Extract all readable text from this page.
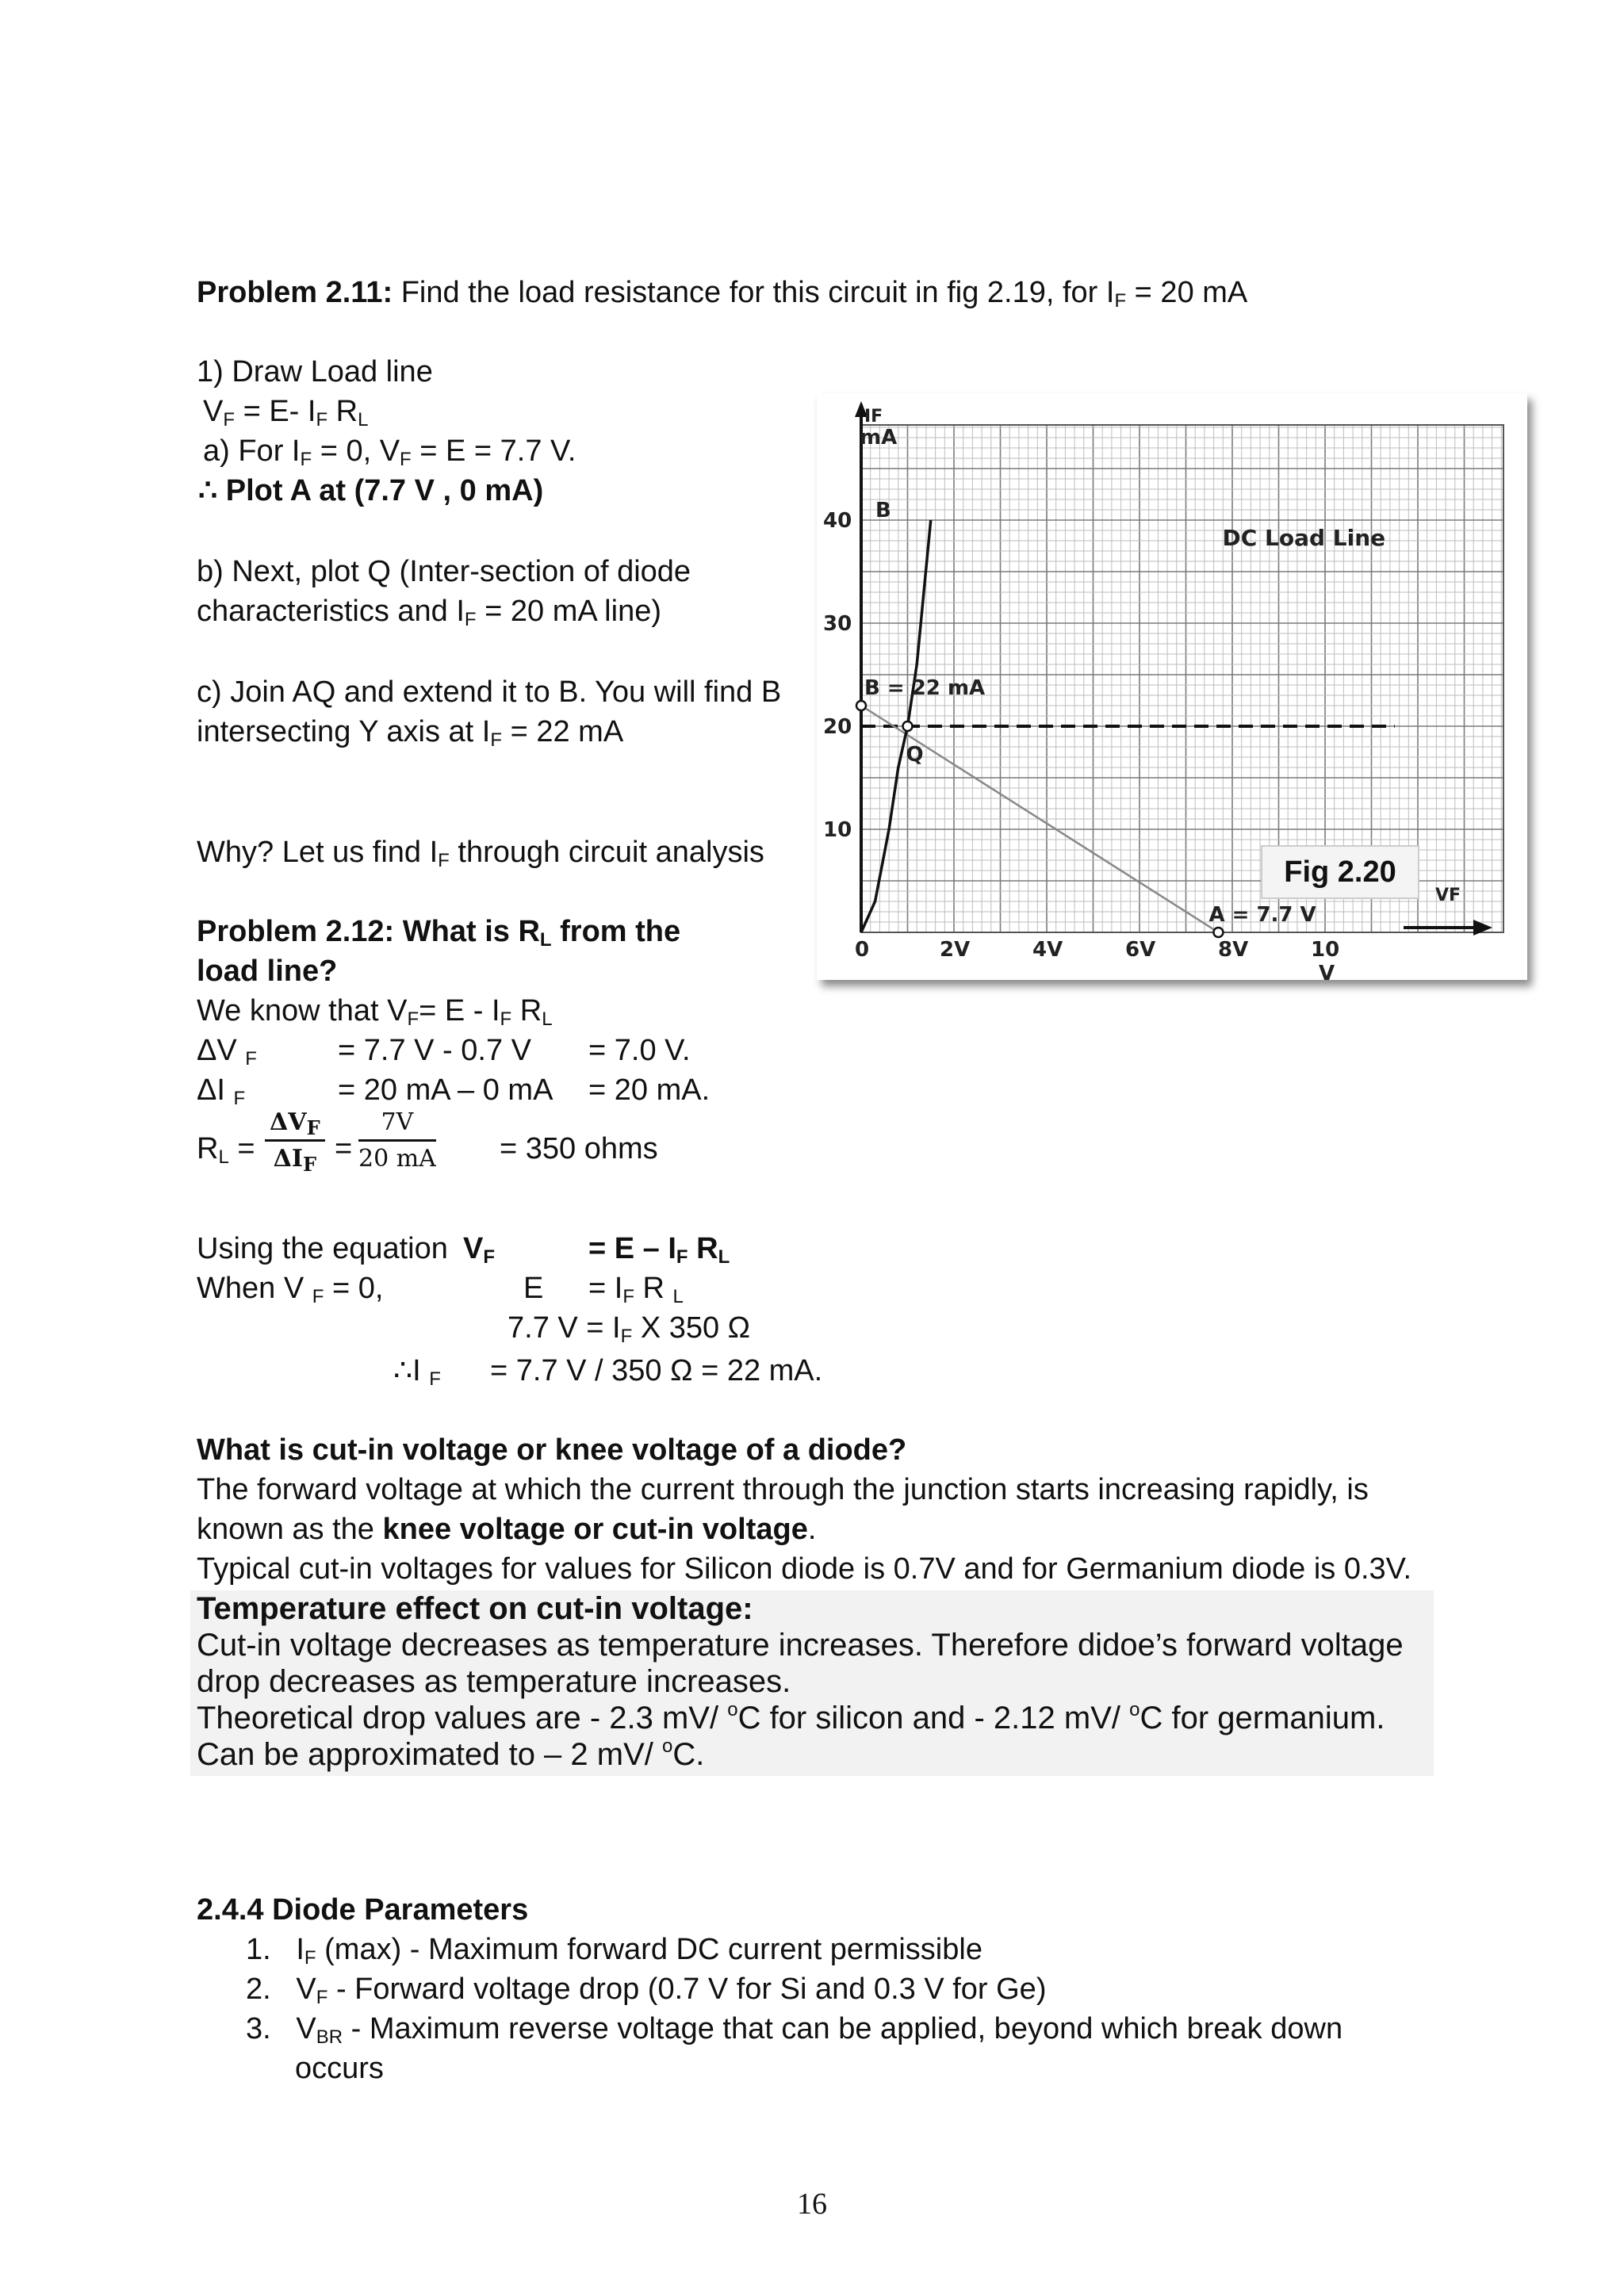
Problem 2.11: Find the load resistance for this circuit in fig 2.19, for $I_F = 20$ mA
1) Draw Load line
$V_F = E-$ $I_F$ $R_L$
a) For $I_F = 0$, $V_F = E = 7.7$ V.
∴ Plot A at (7.7 V , 0 mA)
b) Next, plot Q (Inter-section of diode
characteristics and $I_F = 20$ mA line)
c) Join AQ and extend it to B. You will find B
intersecting Y axis at $I_F = 22$ mA
Why? Let us find $I_F$ through circuit analysis
Problem 2.12: What is $R_L$ from the
load line?
We know that $V_F= E - I_F$ $R_L$
ΔV $_F$	= 7.7 V - 0.7 V = 7.0 V.
ΔI $_F$	= 20 mA – 0 mA = 20 mA.
$R_L$ =
$\Delta V_F$
$\Delta I_F = \frac{7V}{20 mA} = 350$ ohms
Using the equation $V_F$	= E – $I_F$ $R_L$
When V $_F$ = 0,	$E = I_F$ R $_L$
7.7 $V = I_F$ X 350 Ω
∴I $_F$ = 7.7 V / 350 Ω = 22 mA.
What is cut-in voltage or knee voltage of a diode?
The forward voltage at which the current through the junction starts increasing rapidly, is
known as the knee voltage or cut-in voltage.
Typical cut-in voltages for values for Silicon diode is 0.7V and for Germanium diode is 0.3V.
Temperature effect on cut-in voltage:
Cut-in voltage decreases as temperature increases. Therefore didoe’s forward voltage
drop decreases as temperature increases.
Theoretical drop values are - 2.3 mV/ $^o$C for silicon and - 2.12 mV/ $^o$C for germanium.
Can be approximated to – 2 mV/ $^o$C.
2.4.4 Diode Parameters
1.   $I_F$ (max) - Maximum forward DC current permissible
2.   $V_F$ - Forward voltage drop (0.7 V for Si and 0.3 V for Ge)
3.   $V_{BR}$ - Maximum reverse voltage that can be applied, beyond which break down
occurs
40
30
20
10
0	2V	4V	6V	8V	10
V
IF
mA
VF
B
Q
B = 22 mA
A = 7.7 V
DC Load Line
Fig 2.20
16
